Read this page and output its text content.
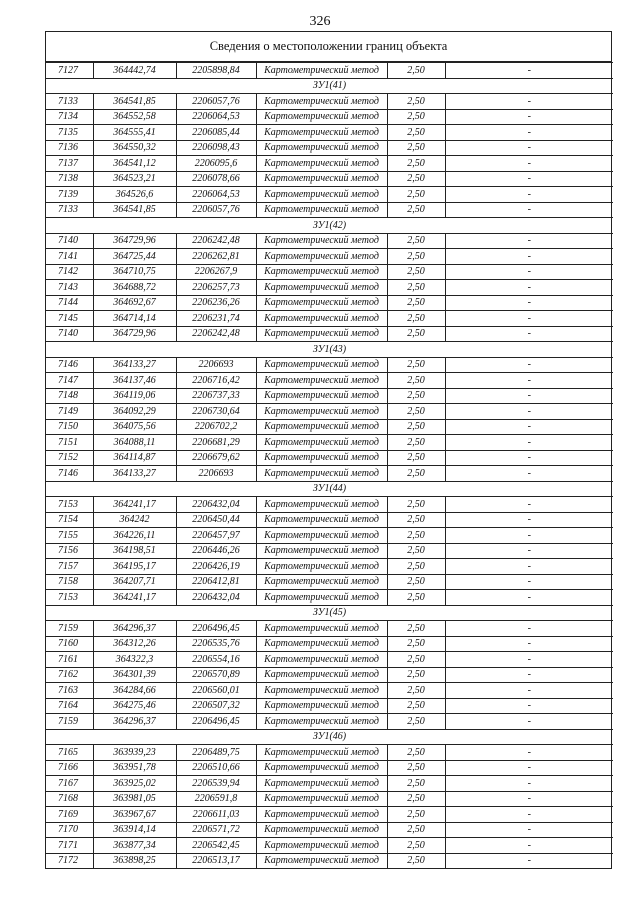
326
Сведения о местоположении границ объекта
7127	364442,74	2205898,84	Картометрический метод	2,50	-
ЗУ1(41)					
7133	364541,85	2206057,76	Картометрический метод	2,50	-
7134	364552,58	2206064,53	Картометрический метод	2,50	-
7135	364555,41	2206085,44	Картометрический метод	2,50	-
7136	364550,32	2206098,43	Картометрический метод	2,50	-
7137	364541,12	2206095,6	Картометрический метод	2,50	-
7138	364523,21	2206078,66	Картометрический метод	2,50	-
7139	364526,6	2206064,53	Картометрический метод	2,50	-
7133	364541,85	2206057,76	Картометрический метод	2,50	-
ЗУ1(42)					
7140	364729,96	2206242,48	Картометрический метод	2,50	-
7141	364725,44	2206262,81	Картометрический метод	2,50	-
7142	364710,75	2206267,9	Картометрический метод	2,50	-
7143	364688,72	2206257,73	Картометрический метод	2,50	-
7144	364692,67	2206236,26	Картометрический метод	2,50	-
7145	364714,14	2206231,74	Картометрический метод	2,50	-
7140	364729,96	2206242,48	Картометрический метод	2,50	-
ЗУ1(43)					
7146	364133,27	2206693	Картометрический метод	2,50	-
7147	364137,46	2206716,42	Картометрический метод	2,50	-
7148	364119,06	2206737,33	Картометрический метод	2,50	-
7149	364092,29	2206730,64	Картометрический метод	2,50	-
7150	364075,56	2206702,2	Картометрический метод	2,50	-
7151	364088,11	2206681,29	Картометрический метод	2,50	-
7152	364114,87	2206679,62	Картометрический метод	2,50	-
7146	364133,27	2206693	Картометрический метод	2,50	-
ЗУ1(44)					
7153	364241,17	2206432,04	Картометрический метод	2,50	-
7154	364242	2206450,44	Картометрический метод	2,50	-
7155	364226,11	2206457,97	Картометрический метод	2,50	-
7156	364198,51	2206446,26	Картометрический метод	2,50	-
7157	364195,17	2206426,19	Картометрический метод	2,50	-
7158	364207,71	2206412,81	Картометрический метод	2,50	-
7153	364241,17	2206432,04	Картометрический метод	2,50	-
ЗУ1(45)					
7159	364296,37	2206496,45	Картометрический метод	2,50	-
7160	364312,26	2206535,76	Картометрический метод	2,50	-
7161	364322,3	2206554,16	Картометрический метод	2,50	-
7162	364301,39	2206570,89	Картометрический метод	2,50	-
7163	364284,66	2206560,01	Картометрический метод	2,50	-
7164	364275,46	2206507,32	Картометрический метод	2,50	-
7159	364296,37	2206496,45	Картометрический метод	2,50	-
ЗУ1(46)					
7165	363939,23	2206489,75	Картометрический метод	2,50	-
7166	363951,78	2206510,66	Картометрический метод	2,50	-
7167	363925,02	2206539,94	Картометрический метод	2,50	-
7168	363981,05	2206591,8	Картометрический метод	2,50	-
7169	363967,67	2206611,03	Картометрический метод	2,50	-
7170	363914,14	2206571,72	Картометрический метод	2,50	-
7171	363877,34	2206542,45	Картометрический метод	2,50	-
7172	363898,25	2206513,17	Картометрический метод	2,50	-
